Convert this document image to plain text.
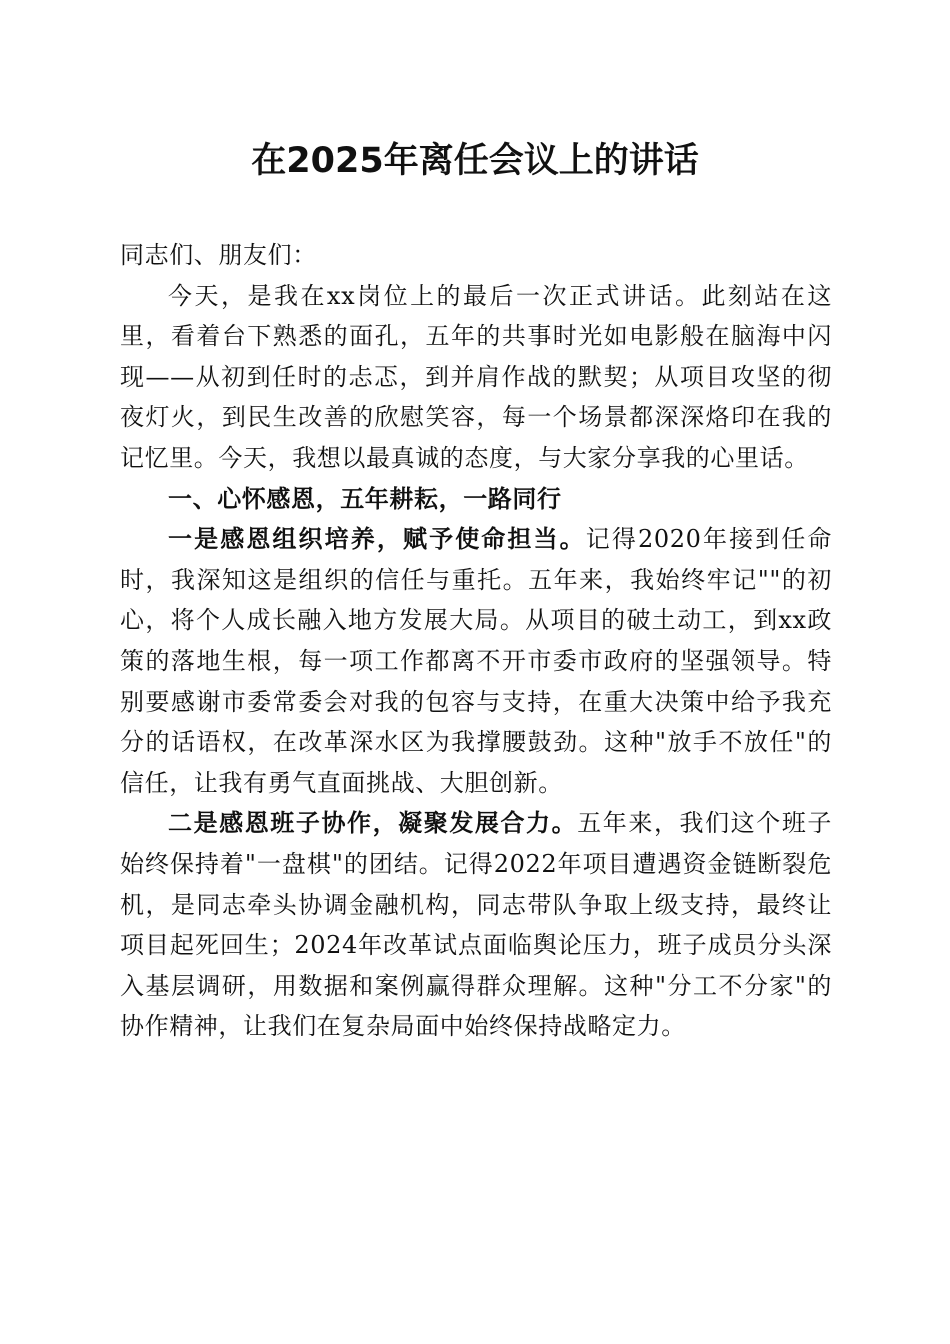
在2025年离任会议上的讲话

同志们、朋友们：

今天，是我在xx岗位上的最后一次正式讲话。此刻站在这里，看着台下熟悉的面孔，五年的共事时光如电影般在脑海中闪现——从初到任时的忐忑，到并肩作战的默契；从项目攻坚的彻夜灯火，到民生改善的欣慰笑容，每一个场景都深深烙印在我的记忆里。今天，我想以最真诚的态度，与大家分享我的心里话。

一、心怀感恩，五年耕耘，一路同行

一是感恩组织培养，赋予使命担当。记得2020年接到任命时，我深知这是组织的信任与重托。五年来，我始终牢记""的初心，将个人成长融入地方发展大局。从项目的破土动工，到xx政策的落地生根，每一项工作都离不开市委市政府的坚强领导。特别要感谢市委常委会对我的包容与支持，在重大决策中给予我充分的话语权，在改革深水区为我撑腰鼓劲。这种"放手不放任"的信任，让我有勇气直面挑战、大胆创新。

二是感恩班子协作，凝聚发展合力。五年来，我们这个班子始终保持着"一盘棋"的团结。记得2022年项目遭遇资金链断裂危机，是同志牵头协调金融机构，同志带队争取上级支持，最终让项目起死回生；2024年改革试点面临舆论压力，班子成员分头深入基层调研，用数据和案例赢得群众理解。这种"分工不分家"的协作精神，让我们在复杂局面中始终保持战略定力。
